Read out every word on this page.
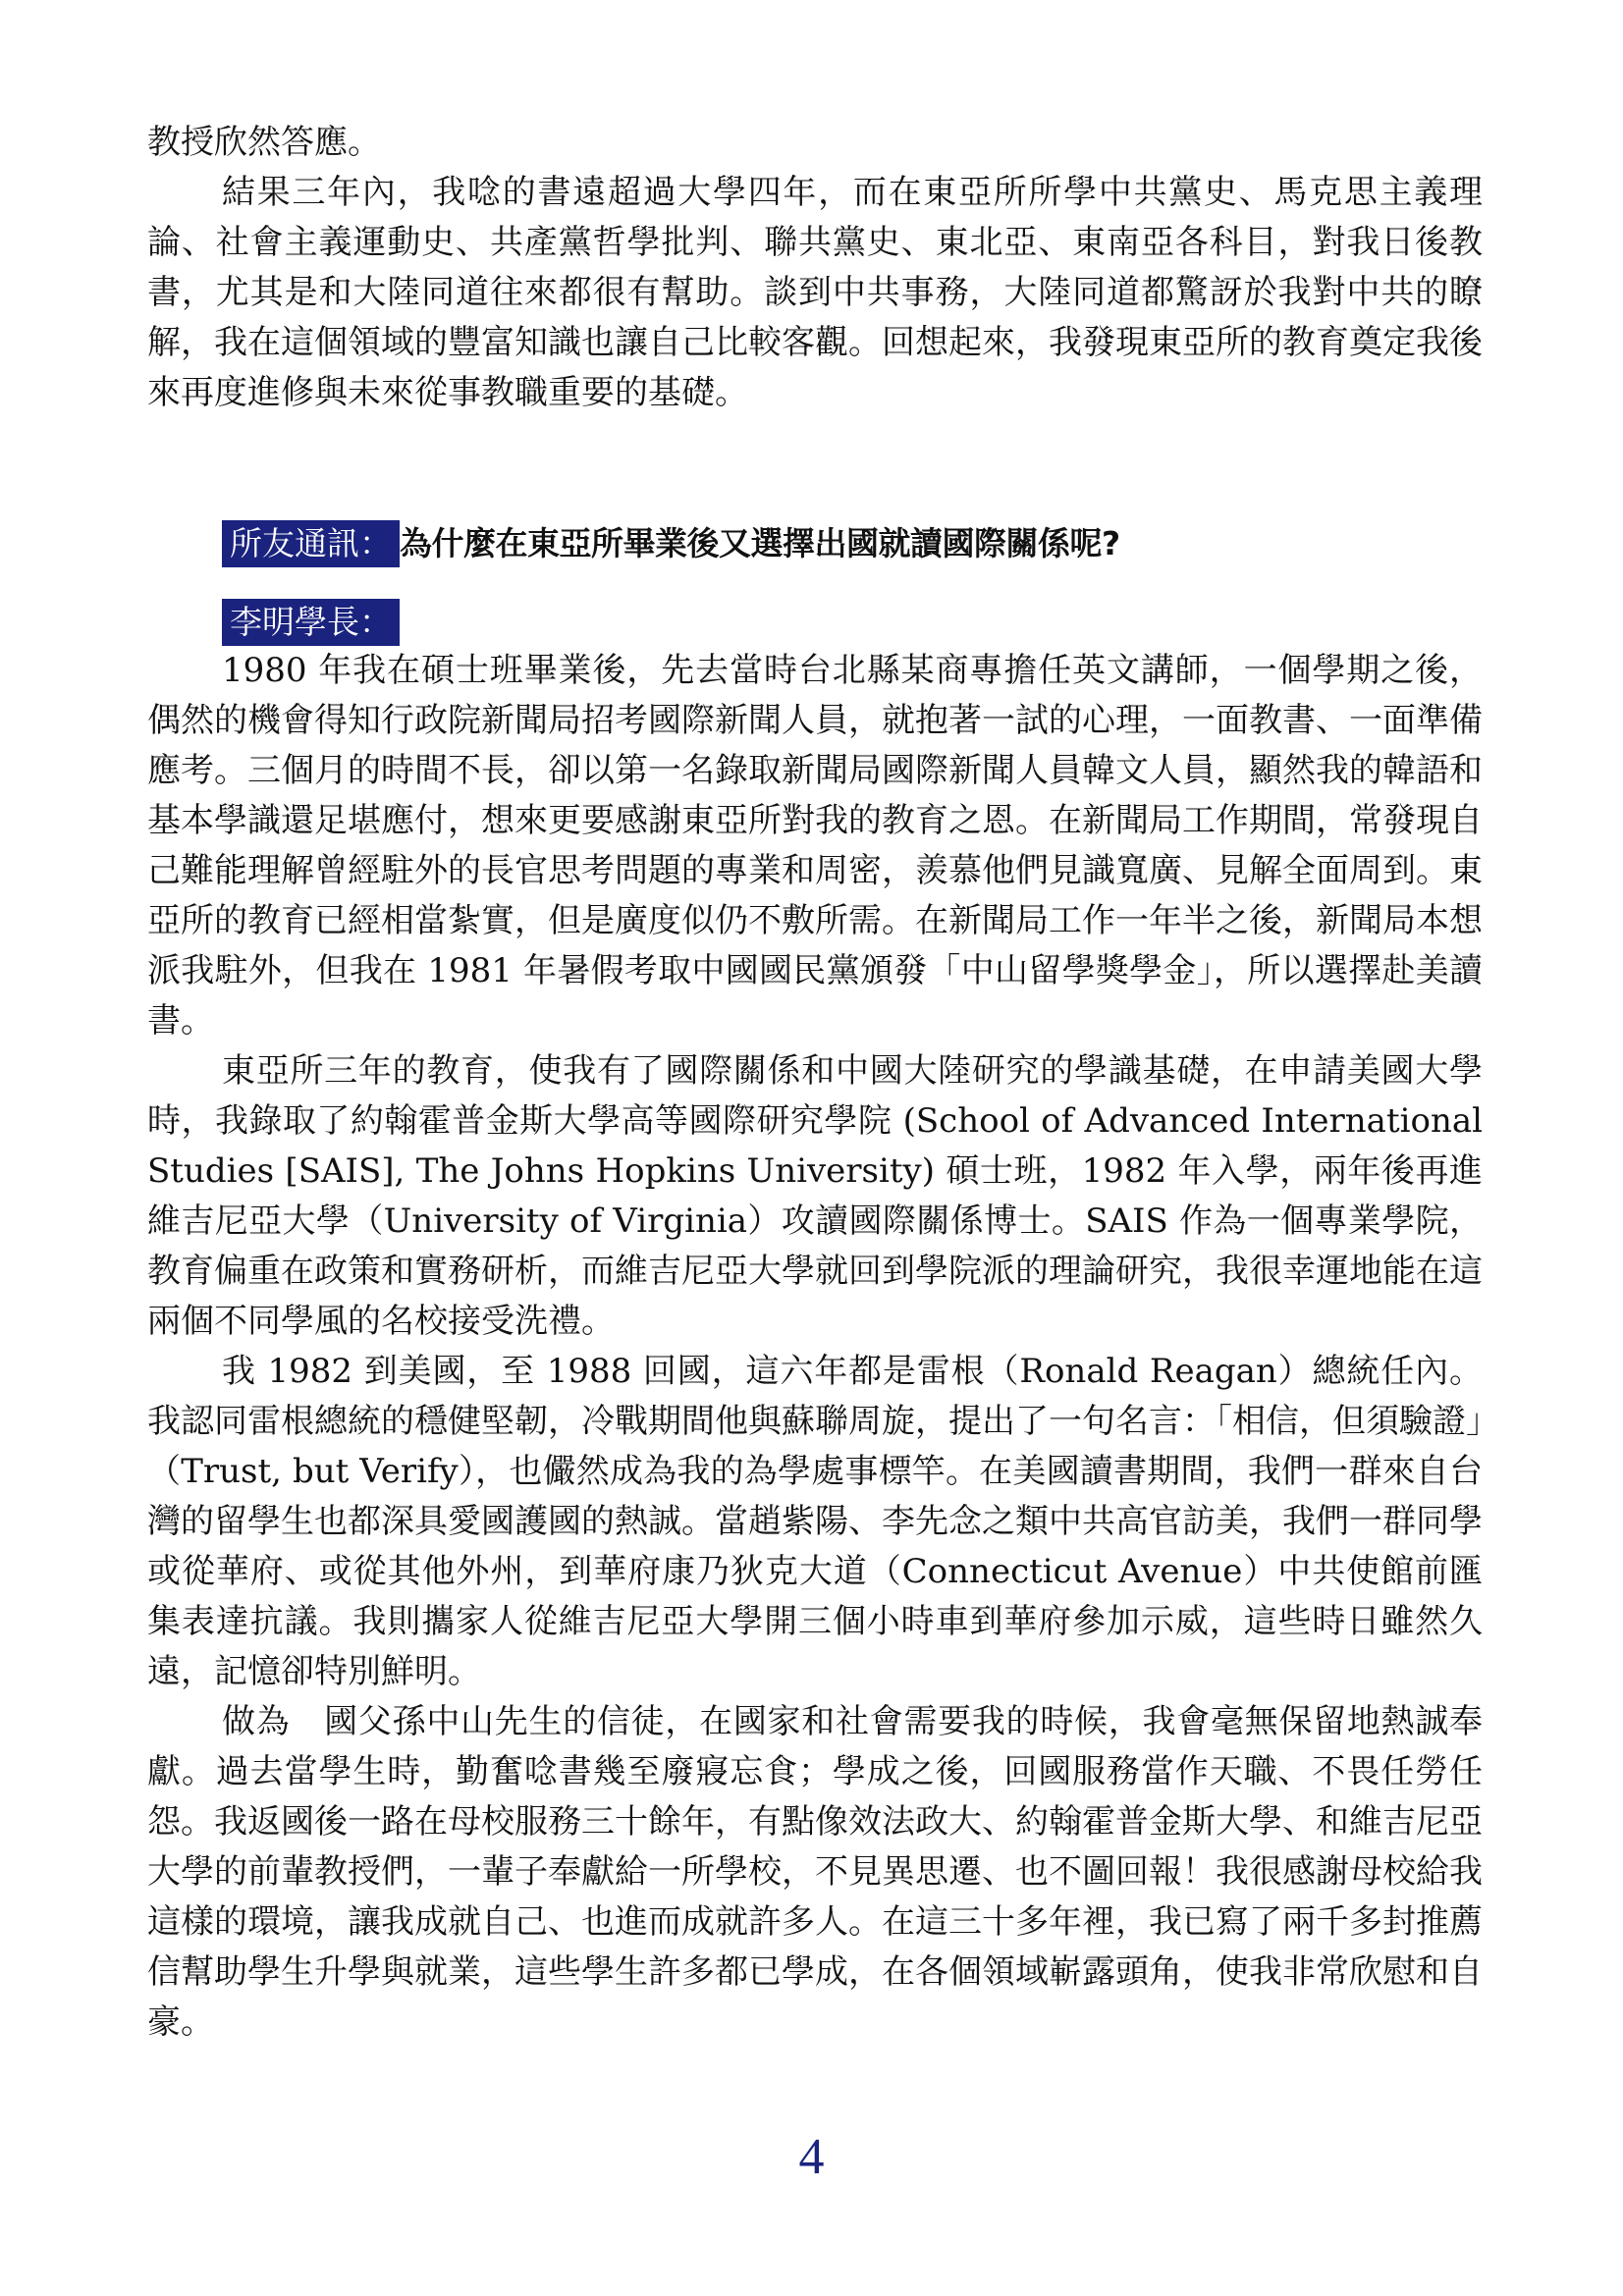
教授欣然答應。

結果三年內，我唸的書遠超過大學四年，而在東亞所所學中共黨史、馬克思主義理論、社會主義運動史、共產黨哲學批判、聯共黨史、東北亞、東南亞各科目，對我日後教書，尤其是和大陸同道往來都很有幫助。談到中共事務，大陸同道都驚訝於我對中共的瞭解，我在這個領域的豐富知識也讓自己比較客觀。回想起來，我發現東亞所的教育奠定我後來再度進修與未來從事教職重要的基礎。

所友通訊： 為什麼在東亞所畢業後又選擇出國就讀國際關係呢?
李明學長：

1980 年我在碩士班畢業後，先去當時台北縣某商專擔任英文講師，一個學期之後，偶然的機會得知行政院新聞局招考國際新聞人員，就抱著一試的心理，一面教書、一面準備應考。三個月的時間不長，卻以第一名錄取新聞局國際新聞人員韓文人員，顯然我的韓語和基本學識還足堪應付，想來更要感謝東亞所對我的教育之恩。在新聞局工作期間，常發現自己難能理解曾經駐外的長官思考問題的專業和周密，羨慕他們見識寬廣、見解全面周到。東亞所的教育已經相當紮實，但是廣度似仍不敷所需。在新聞局工作一年半之後，新聞局本想派我駐外，但我在 1981 年暑假考取中國國民黨頒發「中山留學獎學金」，所以選擇赴美讀書。

東亞所三年的教育，使我有了國際關係和中國大陸研究的學識基礎，在申請美國大學時，我錄取了約翰霍普金斯大學高等國際研究學院 (School of Advanced International Studies [SAIS], The Johns Hopkins University) 碩士班，1982 年入學，兩年後再進維吉尼亞大學（University of Virginia）攻讀國際關係博士。SAIS 作為一個專業學院，教育偏重在政策和實務研析，而維吉尼亞大學就回到學院派的理論研究，我很幸運地能在這兩個不同學風的名校接受洗禮。

我 1982 到美國，至 1988 回國，這六年都是雷根（Ronald Reagan）總統任內。我認同雷根總統的穩健堅韌，冷戰期間他與蘇聯周旋，提出了一句名言：「相信，但須驗證」（Trust, but Verify），也儼然成為我的為學處事標竿。在美國讀書期間，我們一群來自台灣的留學生也都深具愛國護國的熱誠。當趙紫陽、李先念之類中共高官訪美，我們一群同學或從華府、或從其他外州，到華府康乃狄克大道（Connecticut Avenue）中共使館前匯集表達抗議。我則攜家人從維吉尼亞大學開三個小時車到華府參加示威，這些時日雖然久遠，記憶卻特別鮮明。

做為　國父孫中山先生的信徒，在國家和社會需要我的時候，我會毫無保留地熱誠奉獻。過去當學生時，勤奮唸書幾至廢寢忘食；學成之後，回國服務當作天職、不畏任勞任怨。我返國後一路在母校服務三十餘年，有點像效法政大、約翰霍普金斯大學、和維吉尼亞大學的前輩教授們，一輩子奉獻給一所學校，不見異思遷、也不圖回報！我很感謝母校給我這樣的環境，讓我成就自己、也進而成就許多人。在這三十多年裡，我已寫了兩千多封推薦信幫助學生升學與就業，這些學生許多都已學成，在各個領域嶄露頭角，使我非常欣慰和自豪。

4
